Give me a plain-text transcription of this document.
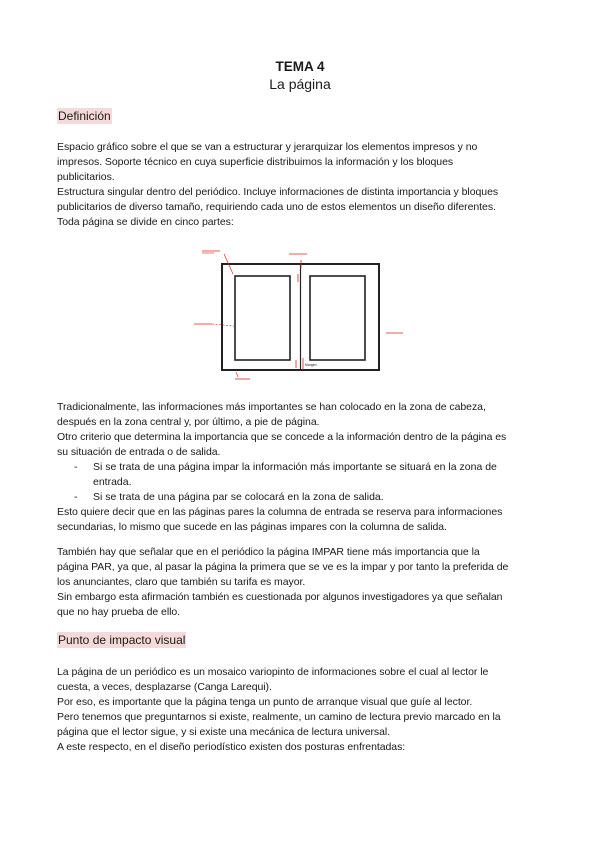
TEMA 4
La página
Definición
Espacio gráfico sobre el que se van a estructurar y jerarquizar los elementos impresos y no
impresos. Soporte técnico en cuya superficie distribuimos la información y los bloques
publicitarios.
Estructura singular dentro del periódico. Incluye informaciones de distinta importancia y bloques
publicitarios de diverso tamaño, requiriendo cada uno de estos elementos un diseño diferentes.
Toda página se divide en cinco partes:
Margen
Tradicionalmente, las informaciones más importantes se han colocado en la zona de cabeza,
después en la zona central y, por último, a pie de página.
Otro criterio que determina la importancia que se concede a la información dentro de la página es
su situación de entrada o de salida.
- Si se trata de una página impar la información más importante se situará en la zona de
entrada.
- Si se trata de una página par se colocará en la zona de salida.
Esto quiere decir que en las páginas pares la columna de entrada se reserva para informaciones
secundarias, lo mismo que sucede en las páginas impares con la columna de salida.
También hay que señalar que en el periódico la página IMPAR tiene más importancia que la
página PAR, ya que, al pasar la página la primera que se ve es la impar y por tanto la preferida de
los anunciantes, claro que también su tarifa es mayor.
Sin embargo esta afirmación también es cuestionada por algunos investigadores ya que señalan
que no hay prueba de ello.
Punto de impacto visual
La página de un periódico es un mosaico variopinto de informaciones sobre el cual al lector le
cuesta, a veces, desplazarse (Canga Larequi).
Por eso, es importante que la página tenga un punto de arranque visual que guíe al lector.
Pero tenemos que preguntarnos si existe, realmente, un camino de lectura previo marcado en la
página que el lector sigue, y si existe una mecánica de lectura universal.
A este respecto, en el diseño periodístico existen dos posturas enfrentadas:
